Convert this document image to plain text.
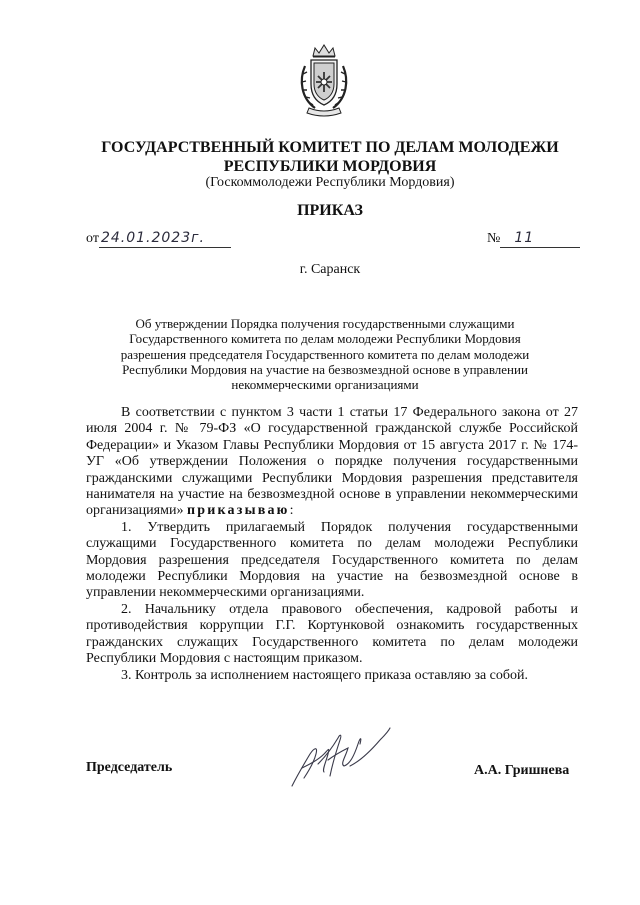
ГОСУДАРСТВЕННЫЙ КОМИТЕТ ПО ДЕЛАМ МОЛОДЕЖИ
РЕСПУБЛИКИ МОРДОВИЯ
(Госкоммолодежи Республики Мордовия)
ПРИКАЗ
от 24.01.2023г.	№ 11
г. Саранск
Об утверждении Порядка получения государственными служащими Государственного комитета по делам молодежи Республики Мордовия разрешения председателя Государственного комитета по делам молодежи Республики Мордовия на участие на безвозмездной основе в управлении некоммерческими организациями

В соответствии с пунктом 3 части 1 статьи 17 Федерального закона от 27 июля 2004 г. № 79-ФЗ «О государственной гражданской службе Российской Федерации» и Указом Главы Республики Мордовия от 15 августа 2017 г. № 174-УГ «Об утверждении Положения о порядке получения государственными гражданскими служащими Республики Мордовия разрешения представителя нанимателя на участие на безвозмездной основе в управлении некоммерческими организациями» приказываю:

1. Утвердить прилагаемый Порядок получения государственными служащими Государственного комитета по делам молодежи Республики Мордовия разрешения председателя Государственного комитета по делам молодежи Республики Мордовия на участие на безвозмездной основе в управлении некоммерческими организациями.

2. Начальнику отдела правового обеспечения, кадровой работы и противодействия коррупции Г.Г. Кортунковой ознакомить государственных гражданских служащих Государственного комитета по делам молодежи Республики Мордовия с настоящим приказом.

3. Контроль за исполнением настоящего приказа оставляю за собой.

Председатель	А.А. Гришнева
